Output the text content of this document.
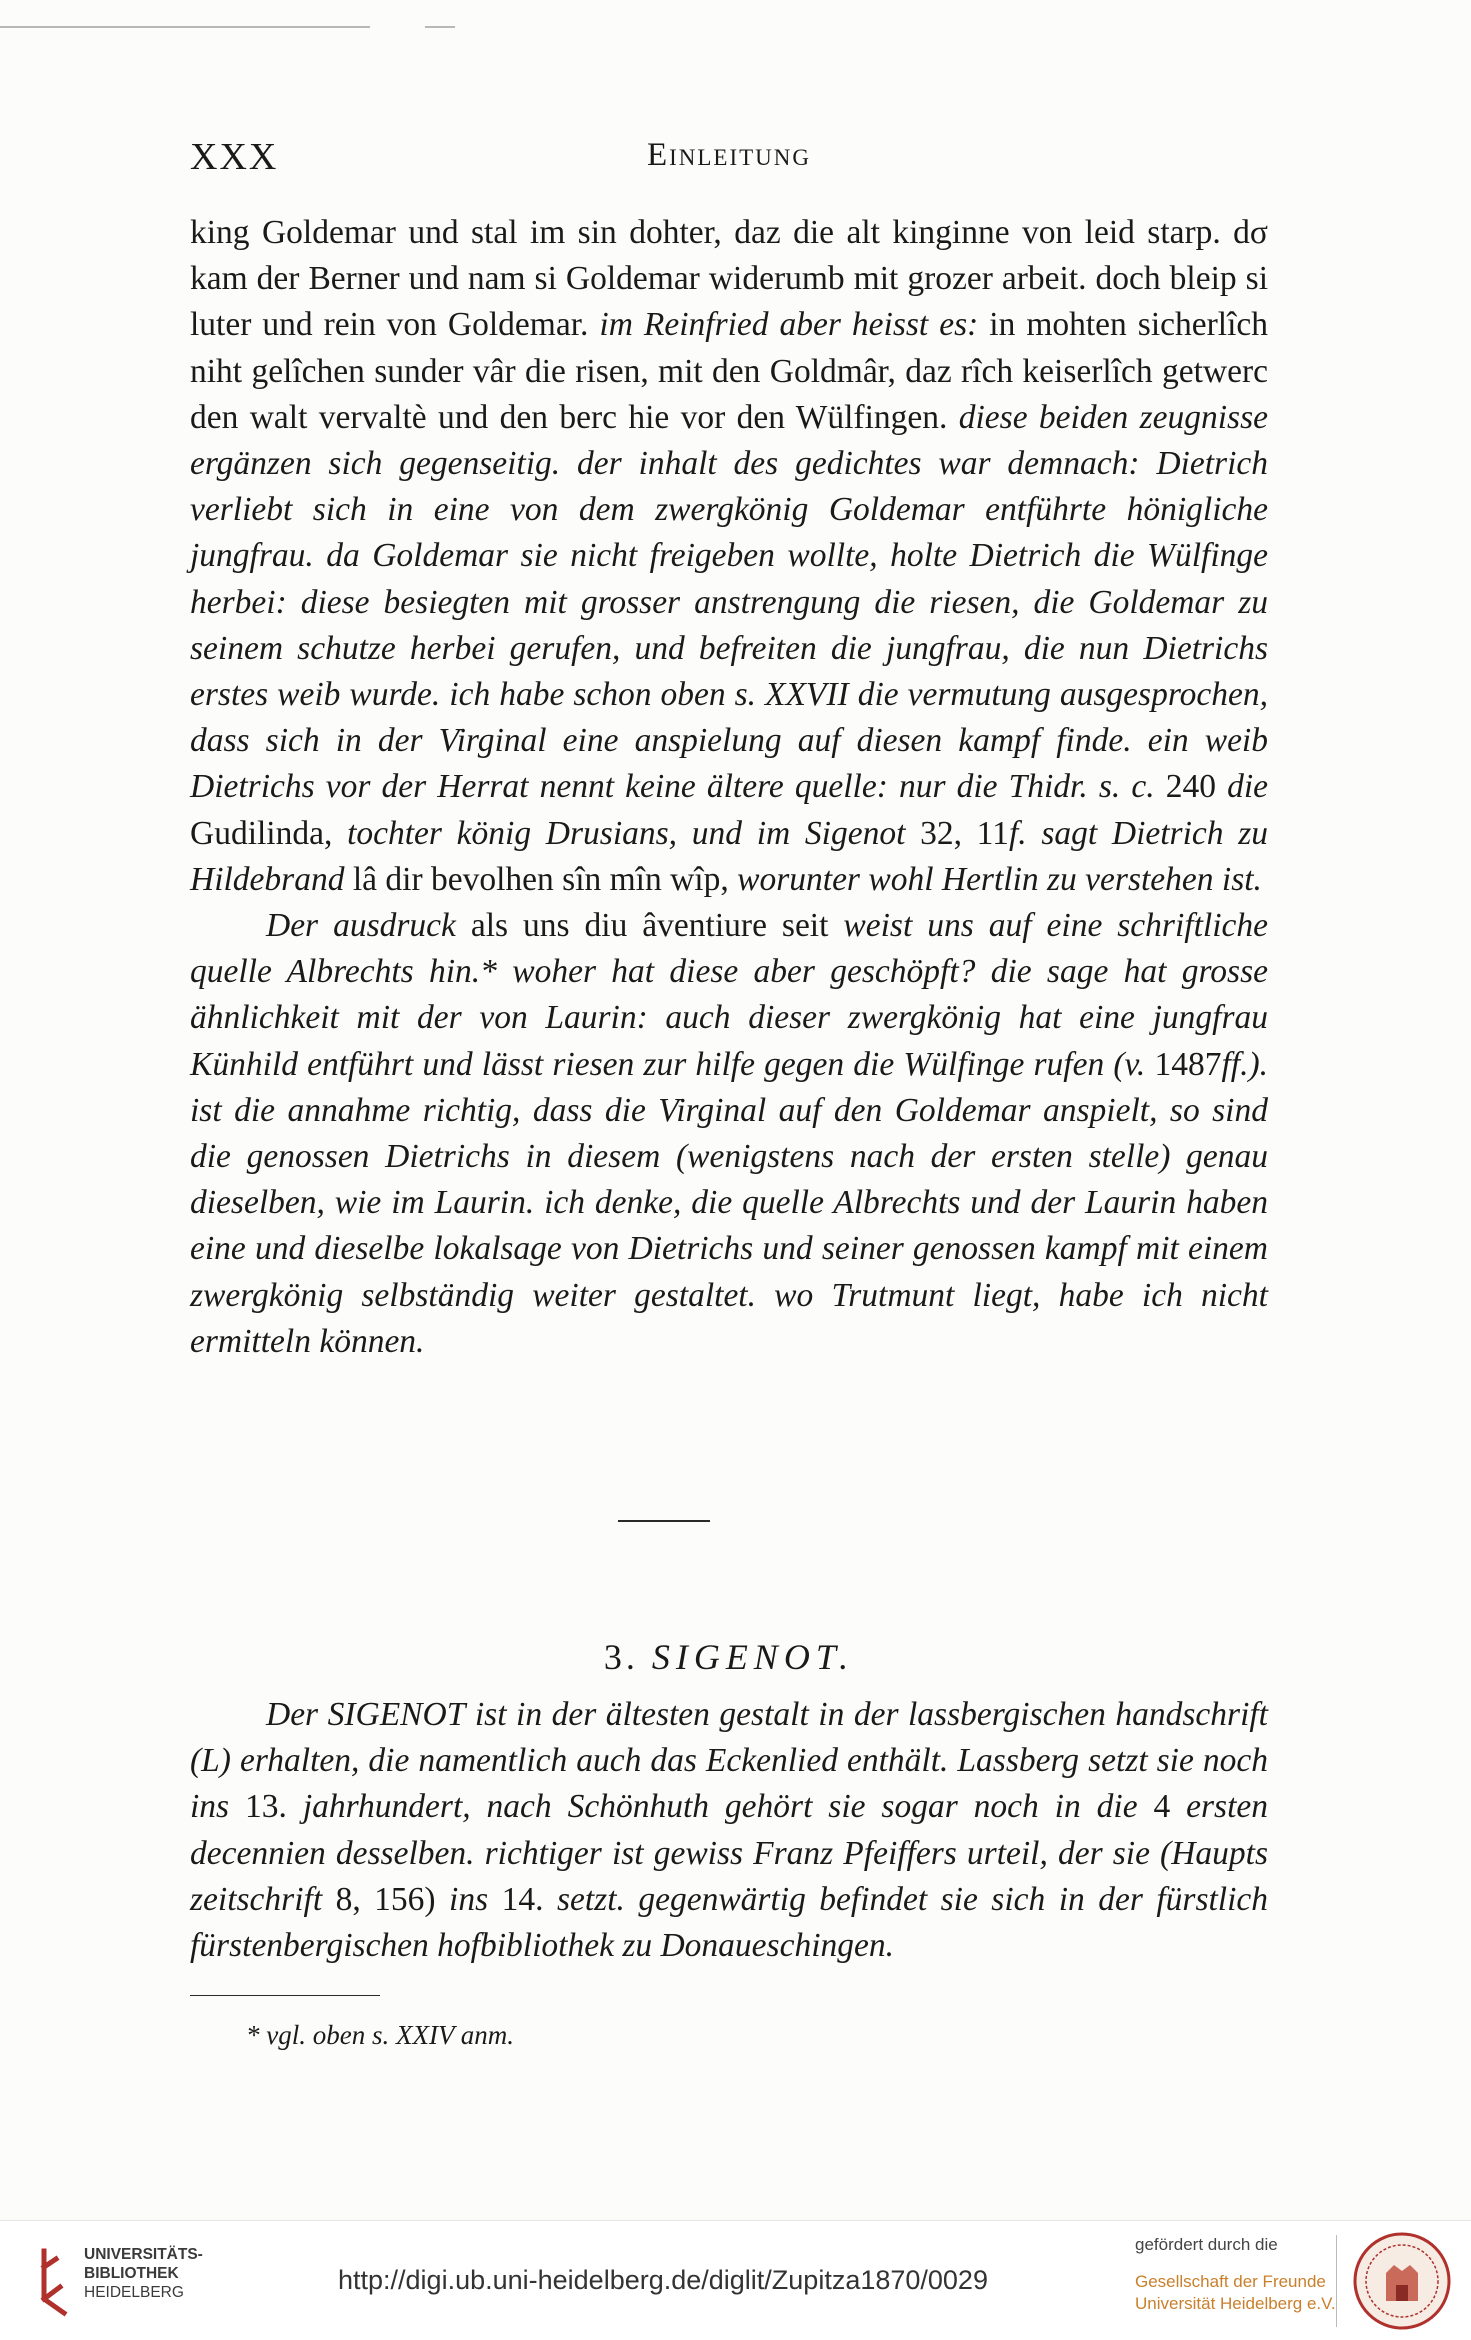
XXX	Einleitung

king Goldemar und stal im sin dohter, daz die alt kinginne von leid starp. dσ kam der Berner und nam si Goldemar widerumb mit grozer arbeit. doch bleip si luter und rein von Goldemar. im Reinfried aber heisst es: in mohten sicherlîch niht gelîchen sunder vâr die risen, mit den Goldmâr, daz rîch keiserlîch getwerc den walt vervaltè und den berc hie vor den Wülfingen. diese beiden zeugnisse ergänzen sich gegenseitig. der inhalt des gedichtes war demnach: Dietrich verliebt sich in eine von dem zwergkönig Goldemar entführte hönigliche jungfrau. da Goldemar sie nicht freigeben wollte, holte Dietrich die Wülfinge herbei: diese besiegten mit grosser anstrengung die riesen, die Goldemar zu seinem schutze herbei gerufen, und befreiten die jungfrau, die nun Dietrichs erstes weib wurde. ich habe schon oben s. XXVII die vermutung ausgesprochen, dass sich in der Virginal eine anspielung auf diesen kampf finde. ein weib Dietrichs vor der Herrat nennt keine ältere quelle: nur die Thidr. s. c. 240 die Gudilinda, tochter könig Drusians, und im Sigenot 32, 11f. sagt Dietrich zu Hildebrand lâ dir bevolhen sîn mîn wîp, worunter wohl Hertlin zu verstehen ist.

Der ausdruck als uns diu âventiure seit weist uns auf eine schriftliche quelle Albrechts hin.* woher hat diese aber geschöpft? die sage hat grosse ähnlichkeit mit der von Laurin: auch dieser zwergkönig hat eine jungfrau Künhild entführt und lässt riesen zur hilfe gegen die Wülfinge rufen (v. 1487ff.). ist die annahme richtig, dass die Virginal auf den Goldemar anspielt, so sind die genossen Dietrichs in diesem (wenigstens nach der ersten stelle) genau dieselben, wie im Laurin. ich denke, die quelle Albrechts und der Laurin haben eine und dieselbe lokalsage von Dietrichs und seiner genossen kampf mit einem zwergkönig selbständig weiter gestaltet. wo Trutmunt liegt, habe ich nicht ermitteln können.

3. SIGENOT.

Der SIGENOT ist in der ältesten gestalt in der lassbergischen handschrift (L) erhalten, die namentlich auch das Eckenlied enthält. Lassberg setzt sie noch ins 13. jahrhundert, nach Schönhuth gehört sie sogar noch in die 4 ersten decennien desselben. richtiger ist gewiss Franz Pfeiffers urteil, der sie (Haupts zeitschrift 8, 156) ins 14. setzt. gegenwärtig befindet sie sich in der fürstlich fürstenbergischen hofbibliothek zu Donaueschingen.

* vgl. oben s. XXIV anm.
UNIVERSITÄTS-
BIBLIOTHEK
HEIDELBERG	http://digi.ub.uni-heidelberg.de/diglit/Zupitza1870/0029
gefördert durch die
Gesellschaft der Freunde
Universität Heidelberg e.V.
